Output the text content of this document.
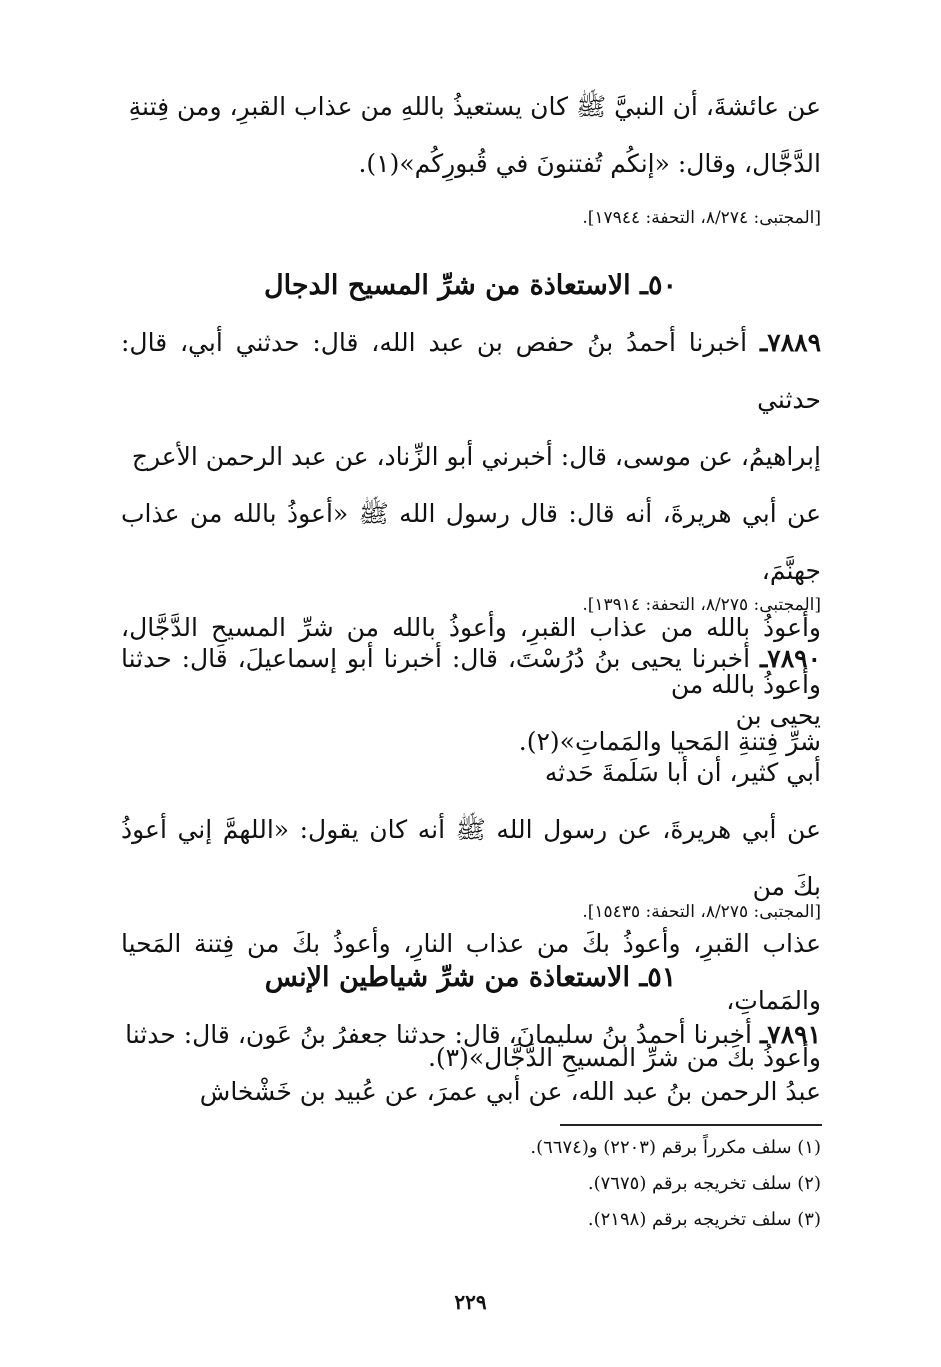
عن عائشةَ، أن النبيَّ ﷺ كان يستعيذُ باللهِ من عذاب القبرِ، ومن فِتنةِ
الدَّجَّال، وقال: «إنكُم تُفتنونَ في قُبورِكُم»(١).
[المجتبى: ٨/٢٧٤، التحفة: ١٧٩٤٤].
٥٠ـ الاستعاذة من شرِّ المسيح الدجال
٧٨٨٩ـ أخبرنا أحمدُ بنُ حفص بن عبد الله، قال: حدثني أبي، قال: حدثني
إبراهيمُ، عن موسى، قال: أخبرني أبو الزِّناد، عن عبد الرحمن الأعرج
عن أبي هريرةَ، أنه قال: قال رسول الله ﷺ «أعوذُ بالله من عذاب جهنَّمَ،
وأعوذُ بالله من عذاب القبرِ، وأعوذُ بالله من شرِّ المسيحِ الدَّجَّال، وأعوذُ بالله من
شرِّ فِتنةِ المَحيا والمَماتِ»(٢).
[المجتبى: ٨/٢٧٥، التحفة: ١٣٩١٤].
٧٨٩٠ـ أخبرنا يحيى بنُ دُرُسْتَ، قال: أخبرنا أبو إسماعيلَ، قال: حدثنا يحيى بن
أبي كثير، أن أبا سَلَمةَ حَدثه
عن أبي هريرةَ، عن رسول الله ﷺ أنه كان يقول: «اللهمَّ إني أعوذُ بكَ من
عذاب القبرِ، وأعوذُ بكَ من عذاب النارِ، وأعوذُ بكَ من فِتنة المَحيا والمَماتِ،
وأعوذُ بكَ من شرِّ المسيحِ الدَّجَّال»(٣).
[المجتبى: ٨/٢٧٥، التحفة: ١٥٤٣٥].
٥١ـ الاستعاذة من شرِّ شياطين الإنس
٧٨٩١ـ أخبرنا أحمدُ بنُ سليمانَ، قال: حدثنا جعفرُ بنُ عَون، قال: حدثنا
عبدُ الرحمن بنُ عبد الله، عن أبي عمرَ، عن عُبيد بن خَشْخاش
(١) سلف مكرراً برقم (٢٢٠٣) و(٦٦٧٤).
(٢) سلف تخريجه برقم (٧٦٧٥).
(٣) سلف تخريجه برقم (٢١٩٨).
٢٢٩
